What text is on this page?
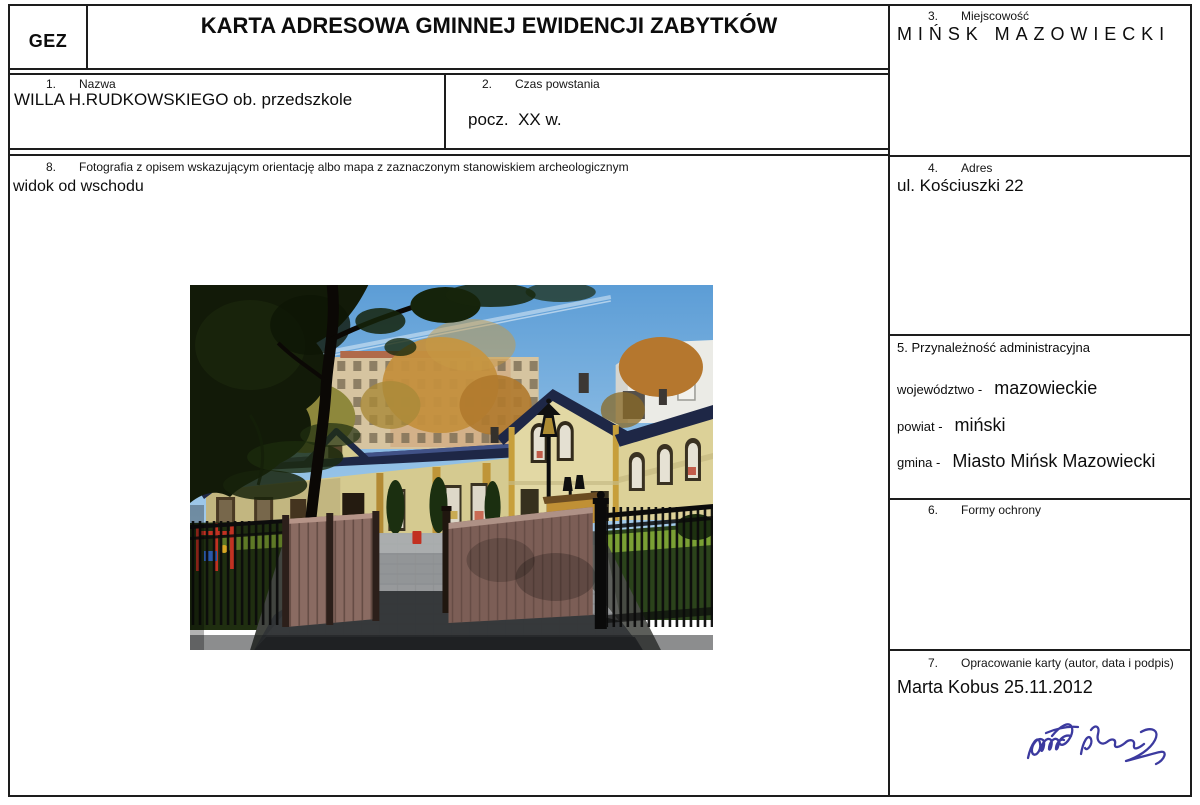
GEZ
KARTA ADRESOWA GMINNEJ EWIDENCJI ZABYTKÓW
1. Nazwa
WILLA H.RUDKOWSKIEGO ob. przedszkole
2. Czas powstania
pocz.  XX w.
8. Fotografia z opisem wskazującym orientację albo mapa z zaznaczonym stanowiskiem archeologicznym
widok od wschodu
3. Miejscowość
MIŃSK MAZOWIECKI
4. Adres
ul. Kościuszki 22
5. Przynależność administracyjna
województwo - mazowieckie
powiat - miński
gmina - Miasto Mińsk Mazowiecki
6. Formy ochrony
7. Opracowanie karty (autor, data i podpis)
Marta Kobus 25.11.2012
